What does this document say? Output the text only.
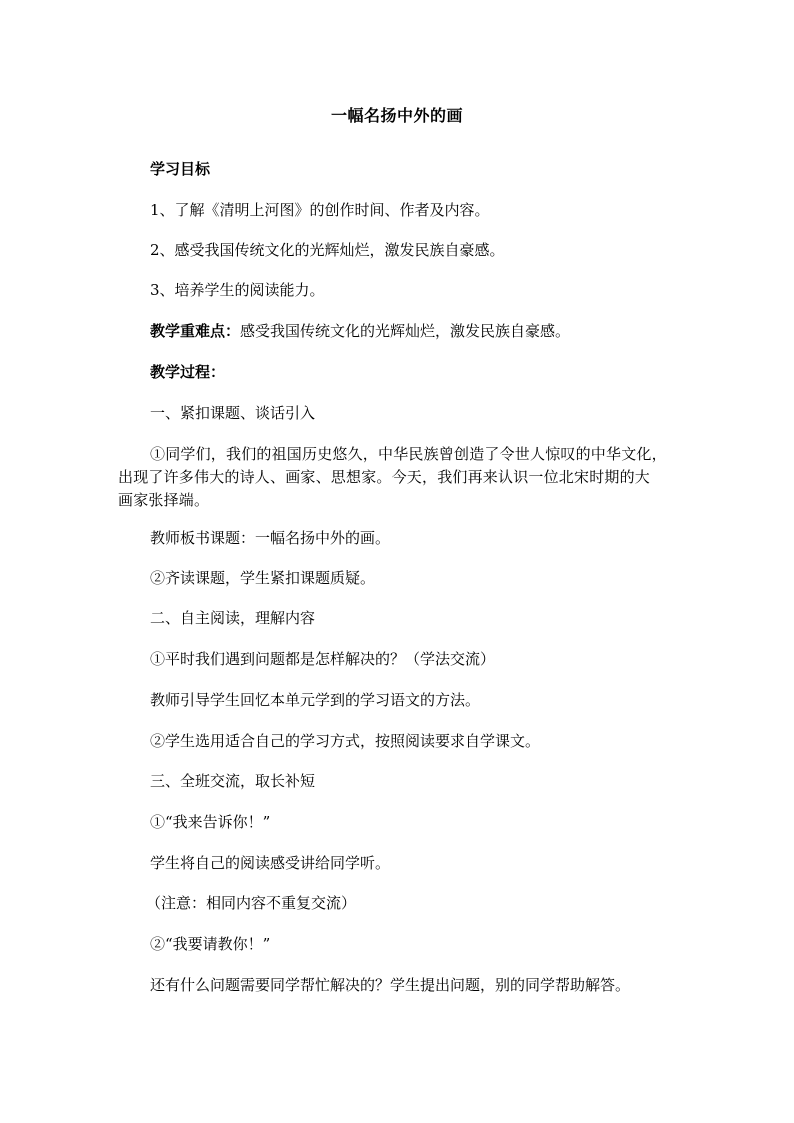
一幅名扬中外的画
学习目标
1、了解《清明上河图》的创作时间、作者及内容。
2、感受我国传统文化的光辉灿烂，激发民族自豪感。
3、培养学生的阅读能力。
教学重难点：感受我国传统文化的光辉灿烂，激发民族自豪感。
教学过程：
一、紧扣课题、谈话引入
①同学们，我们的祖国历史悠久，中华民族曾创造了令世人惊叹的中华文化，
出现了许多伟大的诗人、画家、思想家。今天，我们再来认识一位北宋时期的大
画家张择端。
教师板书课题：一幅名扬中外的画。
②齐读课题，学生紧扣课题质疑。
二、自主阅读，理解内容
①平时我们遇到问题都是怎样解决的？（学法交流）
教师引导学生回忆本单元学到的学习语文的方法。
②学生选用适合自己的学习方式，按照阅读要求自学课文。
三、全班交流，取长补短
①“我来告诉你！”
学生将自己的阅读感受讲给同学听。
（注意：相同内容不重复交流）
②“我要请教你！”
还有什么问题需要同学帮忙解决的？学生提出问题，别的同学帮助解答。
